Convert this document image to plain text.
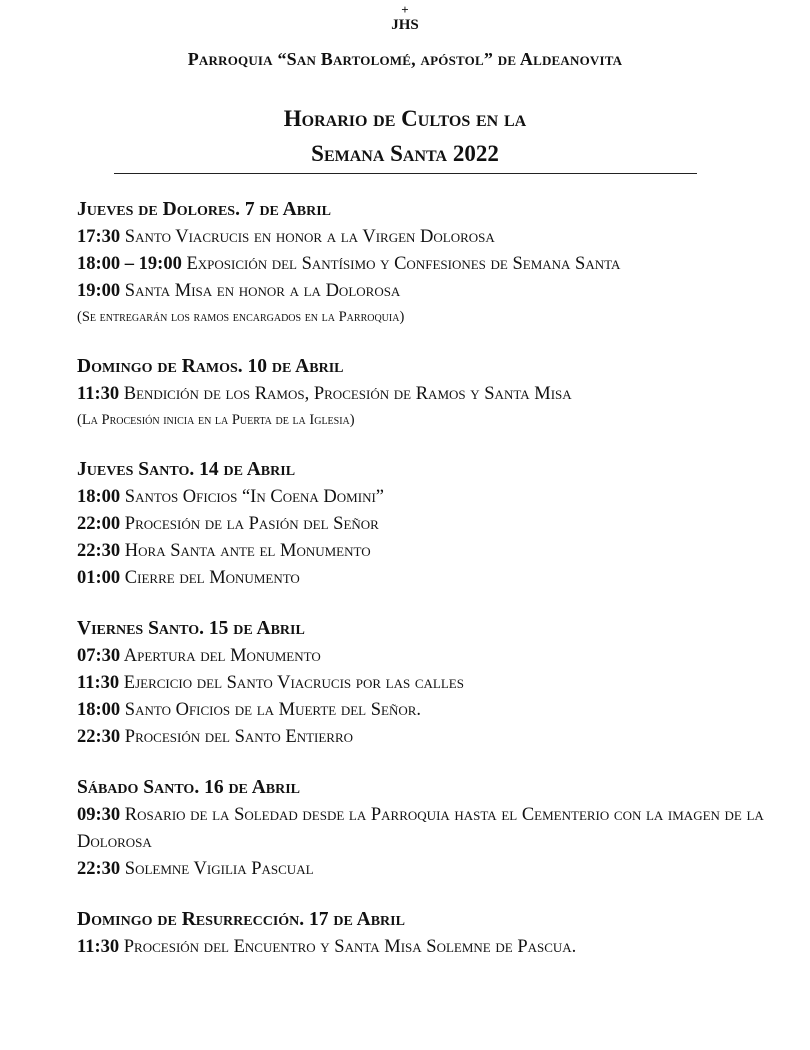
+
JHS
Parroquia “San Bartolomé, apóstol” de Aldeanovita
Horario de Cultos en la
Semana Santa 2022
Jueves de Dolores. 7 de Abril
17:30 Santo Viacrucis en honor a la Virgen Dolorosa
18:00 – 19:00 Exposición del Santísimo y Confesiones de Semana Santa
19:00 Santa Misa en honor a la Dolorosa
(Se entregarán los ramos encargados en la Parroquia)
Domingo de Ramos. 10 de Abril
11:30 Bendición de los Ramos, Procesión de Ramos y Santa Misa
(La Procesión inicia en la Puerta de la Iglesia)
Jueves Santo. 14 de Abril
18:00 Santos Oficios “In Coena Domini”
22:00 Procesión de la Pasión del Señor
22:30 Hora Santa ante el Monumento
01:00 Cierre del Monumento
Viernes Santo. 15 de Abril
07:30 Apertura del Monumento
11:30 Ejercicio del Santo Viacrucis por las calles
18:00 Santo Oficios de la Muerte del Señor.
22:30 Procesión del Santo Entierro
Sábado Santo. 16 de Abril
09:30 Rosario de la Soledad desde la Parroquia hasta el Cementerio con la imagen de la Dolorosa
22:30 Solemne Vigilia Pascual
Domingo de Resurrección. 17 de Abril
11:30 Procesión del Encuentro y Santa Misa Solemne de Pascua.
